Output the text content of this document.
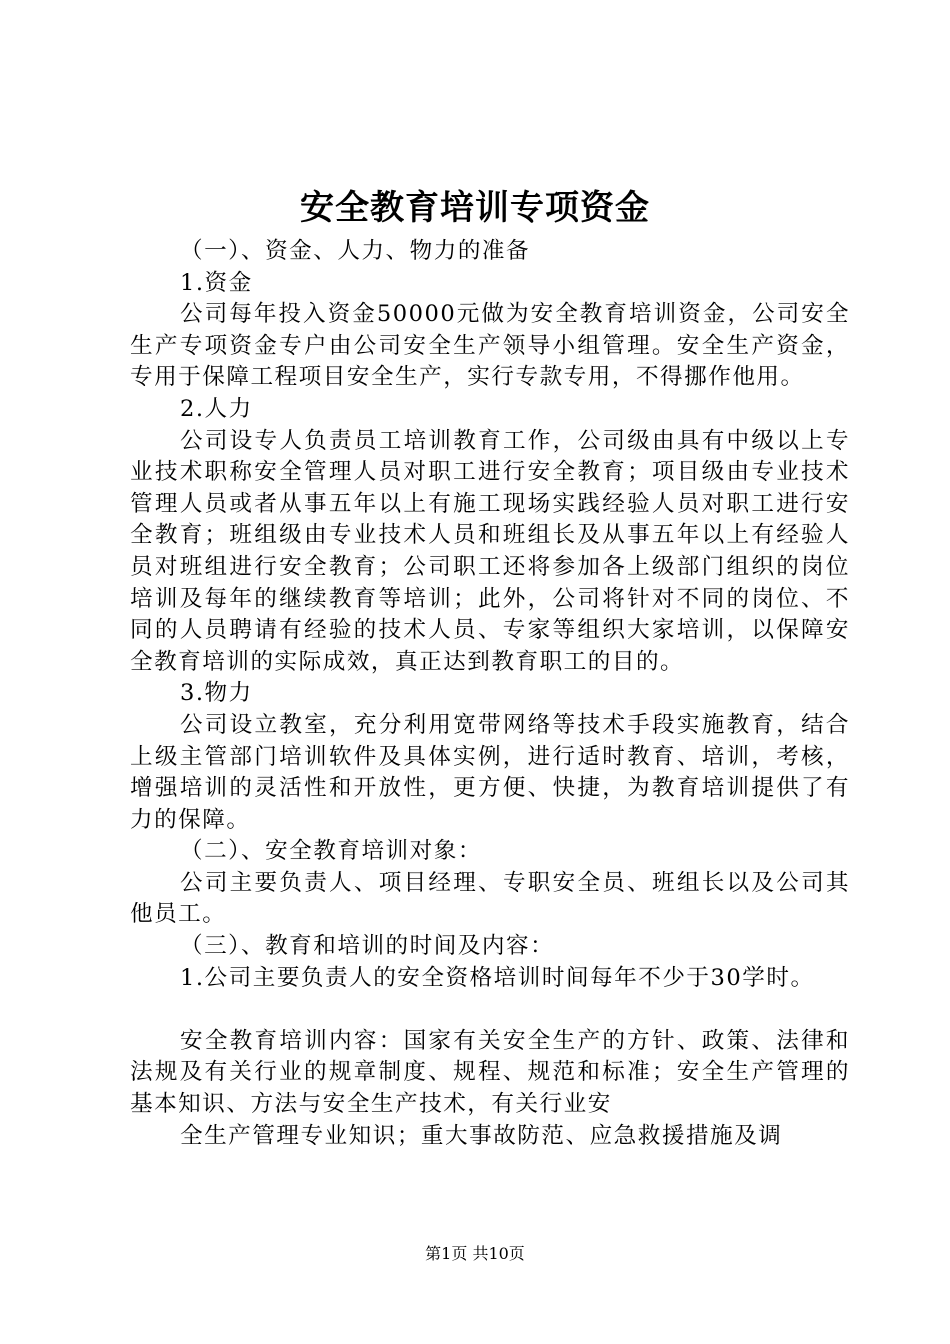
安全教育培训专项资金

（一）、资金、人力、物力的准备

1.资金

公司每年投入资金50000元做为安全教育培训资金，公司安全生产专项资金专户由公司安全生产领导小组管理。安全生产资金，专用于保障工程项目安全生产，实行专款专用，不得挪作他用。

2.人力

公司设专人负责员工培训教育工作，公司级由具有中级以上专业技术职称安全管理人员对职工进行安全教育；项目级由专业技术管理人员或者从事五年以上有施工现场实践经验人员对职工进行安全教育；班组级由专业技术人员和班组长及从事五年以上有经验人员对班组进行安全教育；公司职工还将参加各上级部门组织的岗位培训及每年的继续教育等培训；此外，公司将针对不同的岗位、不同的人员聘请有经验的技术人员、专家等组织大家培训，以保障安全教育培训的实际成效，真正达到教育职工的目的。

3.物力

公司设立教室，充分利用宽带网络等技术手段实施教育，结合上级主管部门培训软件及具体实例，进行适时教育、培训，考核，增强培训的灵活性和开放性，更方便、快捷，为教育培训提供了有力的保障。

（二）、安全教育培训对象：

公司主要负责人、项目经理、专职安全员、班组长以及公司其他员工。

（三）、教育和培训的时间及内容：

1.公司主要负责人的安全资格培训时间每年不少于30学时。

安全教育培训内容：国家有关安全生产的方针、政策、法律和法规及有关行业的规章制度、规程、规范和标准；安全生产管理的基本知识、方法与安全生产技术，有关行业安

全生产管理专业知识；重大事故防范、应急救援措施及调

第1页 共10页
